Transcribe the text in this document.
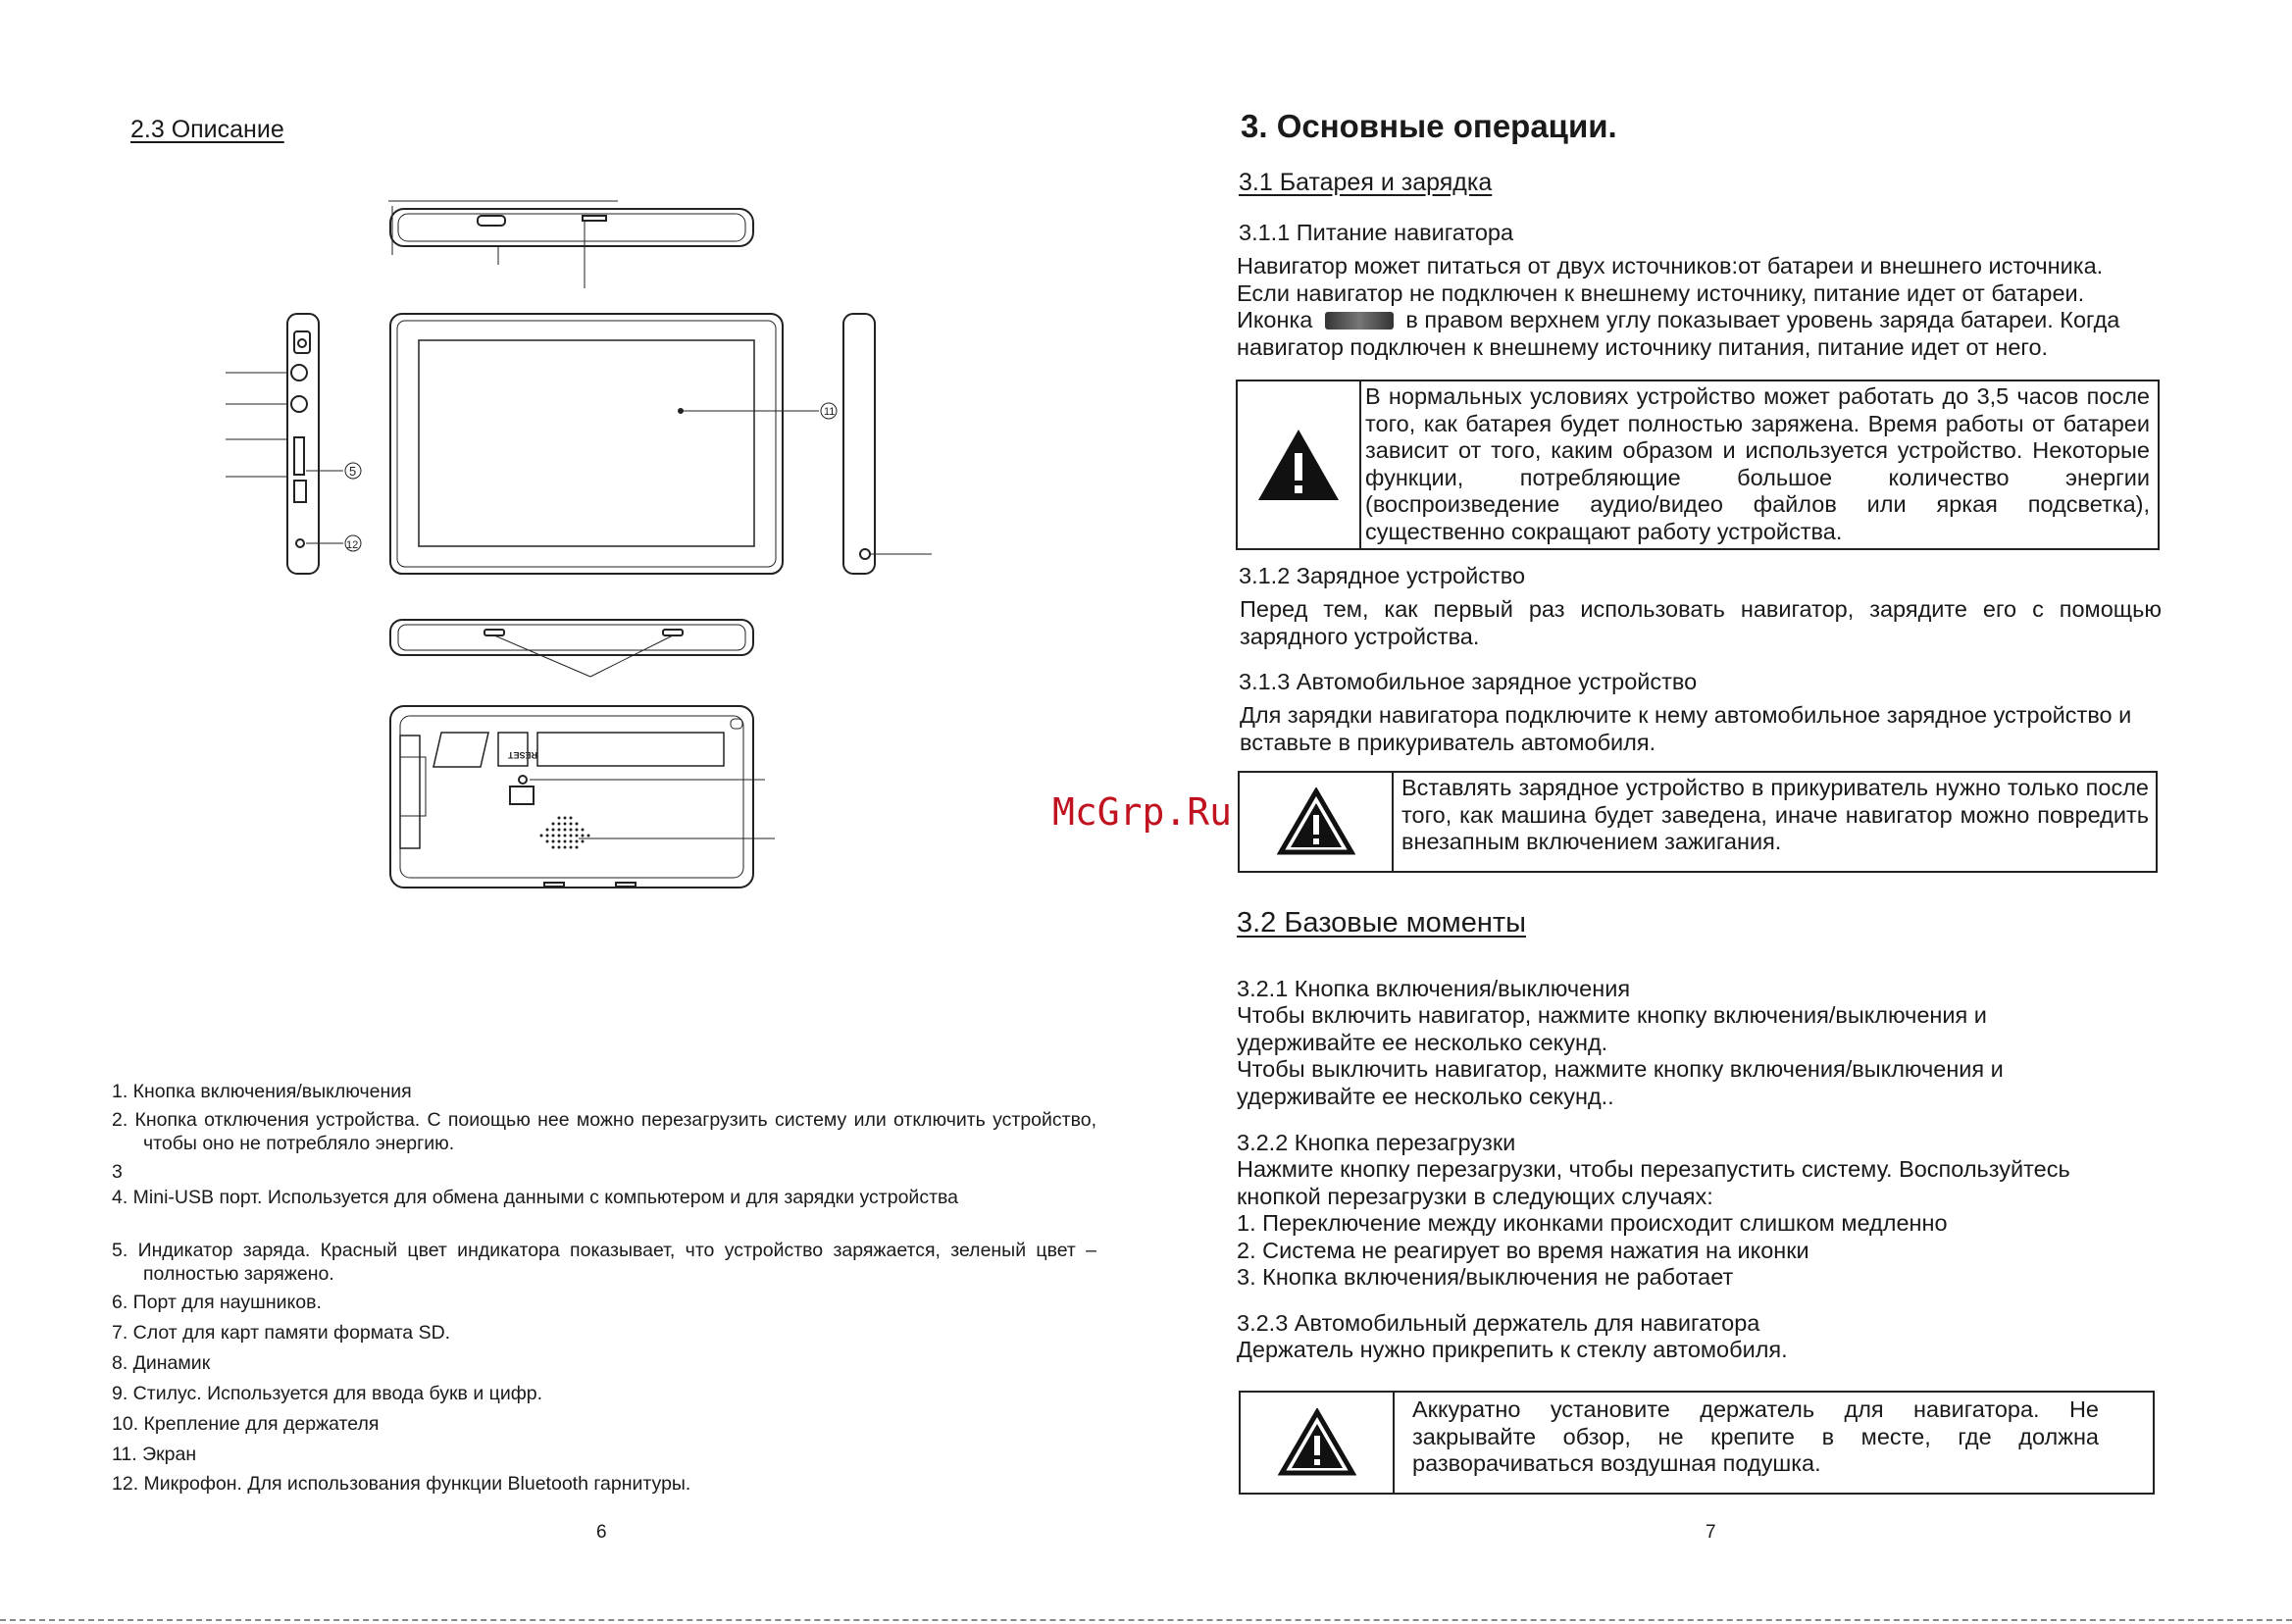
2.3 Описание
5
12
11
RESET
1. Кнопка включения/выключения
2. Кнопка отключения устройства. С поиощью нее можно перезагрузить систему или отключить устройство, чтобы оно не потребляло энергию.
3
4. Mini-USB порт. Используется для обмена данными с компьютером и для зарядки устройства
5. Индикатор заряда. Красный цвет индикатора показывает, что устройство заряжается, зеленый цвет – полностью заряжено.
6. Порт для наушников.
7. Слот для карт памяти формата SD.
8. Динамик
9. Стилус. Используется для ввода букв и цифр.
10. Крепление для держателя
11. Экран
12. Микрофон. Для использования функции Bluetooth гарнитуры.
6
3. Основные операции.
3.1 Батарея и зарядка
3.1.1 Питание навигатора
Навигатор может питаться от двух источников:от батареи и внешнего источника.
Если навигатор не подключен к внешнему источнику, питание идет от батареи.
Иконка	в правом верхнем углу показывает уровень заряда батареи. Когда
навигатор подключен к внешнему источнику питания, питание идет от него.
В нормальных условиях устройство может работать до 3,5 часов после того, как батарея будет полностью заряжена. Время работы от батареи зависит от того, каким образом и используется устройство. Некоторые функции, потребляющие большое количество энергии (воспроизведение аудио/видео файлов или яркая подсветка), существенно сокращают работу устройства.
3.1.2 Зарядное устройство
Перед тем, как первый раз использовать навигатор, зарядите его с помощью зарядного устройства.
3.1.3 Автомобильное зарядное устройство
Для зарядки навигатора подключите к нему автомобильное зарядное устройство и вставьте в прикуриватель автомобиля.
Вставлять зарядное устройство в прикуриватель нужно только после того, как машина будет заведена, иначе навигатор можно повредить внезапным включением зажигания.
McGrp.Ru
3.2 Базовые моменты
3.2.1 Кнопка включения/выключения
Чтобы включить навигатор, нажмите кнопку включения/выключения и
удерживайте ее несколько секунд.
Чтобы выключить навигатор, нажмите кнопку включения/выключения и
удерживайте ее несколько секунд..
3.2.2 Кнопка перезагрузки
Нажмите кнопку перезагрузки, чтобы перезапустить систему. Воспользуйтесь
кнопкой перезагрузки в следующих случаях:
1. Переключение между иконками происходит слишком медленно
2. Система не реагирует во время нажатия на иконки
3. Кнопка включения/выключения не работает
3.2.3 Автомобильный держатель для навигатора
Держатель нужно прикрепить к стеклу автомобиля.
Аккуратно установите держатель для навигатора. Не закрывайте обзор, не крепите в месте, где должна разворачиваться воздушная подушка.
7
